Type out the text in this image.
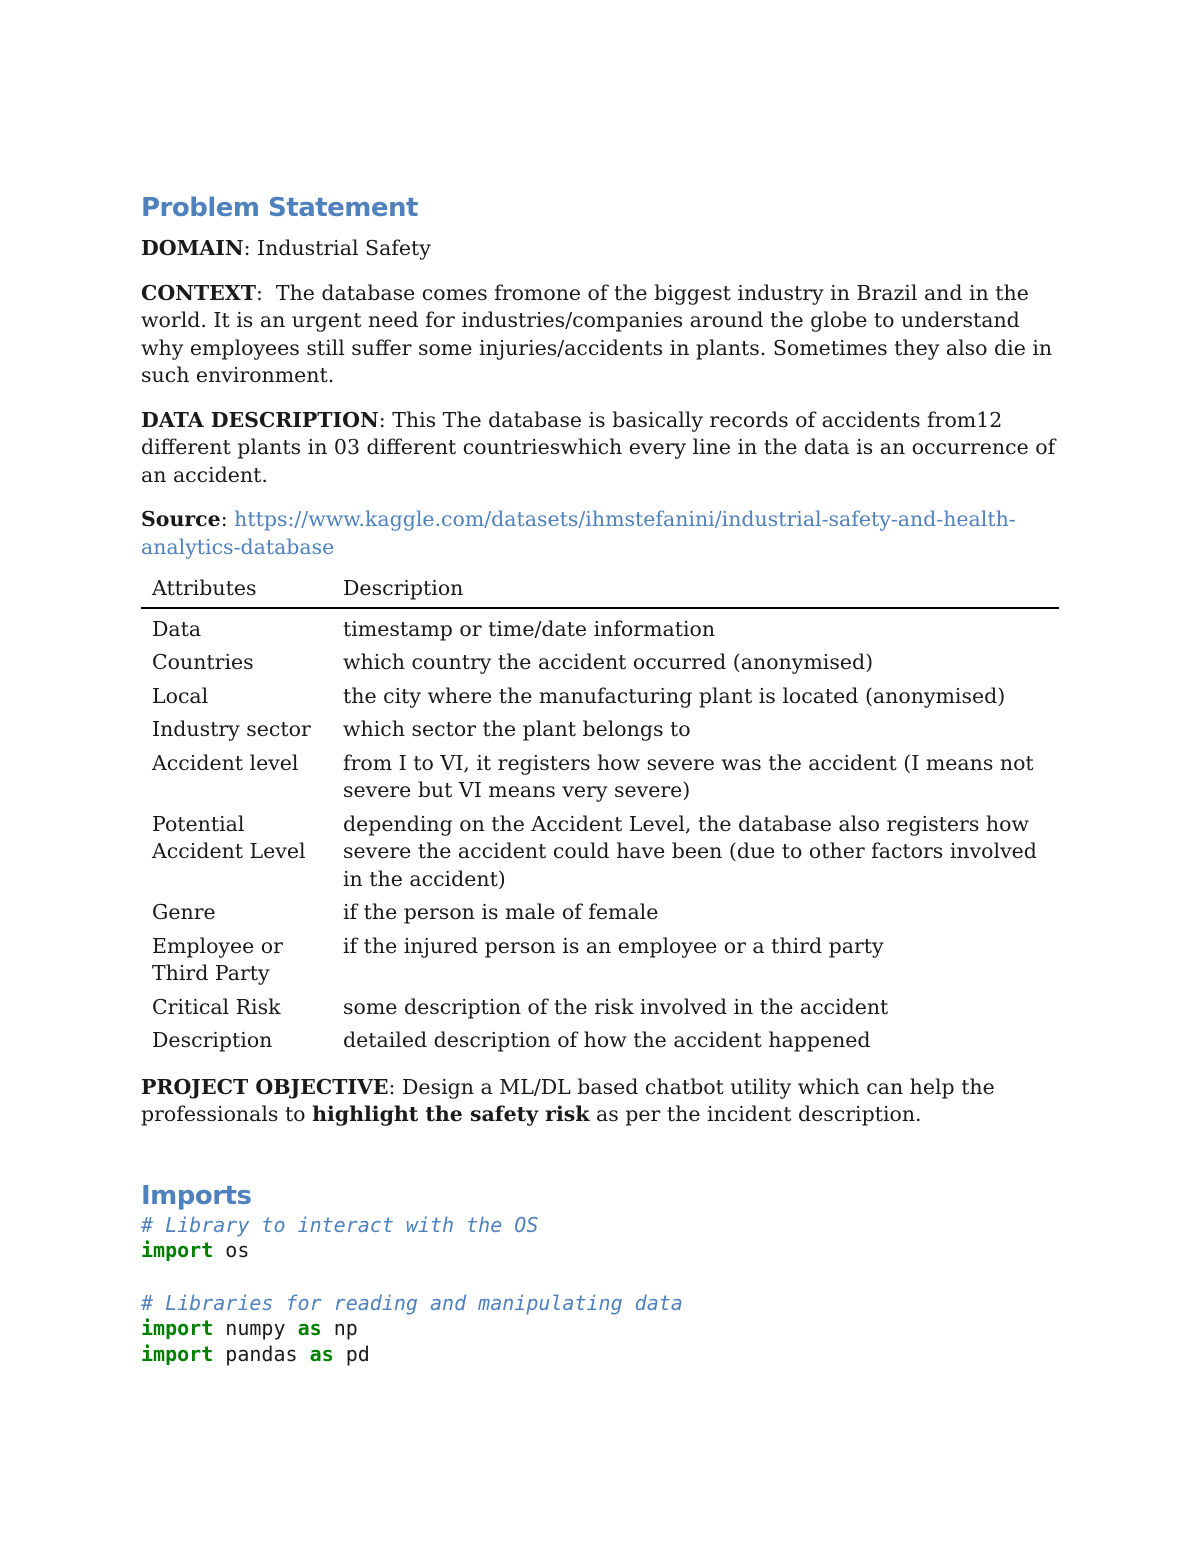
Problem Statement

DOMAIN: Industrial Safety

CONTEXT:  The database comes fromone of the biggest industry in Brazil and in the world. It is an urgent need for industries/companies around the globe to understand why employees still suffer some injuries/accidents in plants. Sometimes they also die in such environment.

DATA DESCRIPTION: This The database is basically records of accidents from12 different plants in 03 different countrieswhich every line in the data is an occurrence of an accident.

Source: https://www.kaggle.com/datasets/ihmstefanini/industrial-safety-and-health-analytics-database

Attributes	Description
Data	timestamp or time/date information
Countries	which country the accident occurred (anonymised)
Local	the city where the manufacturing plant is located (anonymised)
Industry sector	which sector the plant belongs to
Accident level	from I to VI, it registers how severe was the accident (I means not severe but VI means very severe)
Potential Accident Level	depending on the Accident Level, the database also registers how severe the accident could have been (due to other factors involved in the accident)
Genre	if the person is male of female
Employee or Third Party	if the injured person is an employee or a third party
Critical Risk	some description of the risk involved in the accident
Description	detailed description of how the accident happened

PROJECT OBJECTIVE: Design a ML/DL based chatbot utility which can help the professionals to highlight the safety risk as per the incident description.

Imports

# Library to interact with the OS

import os

# Libraries for reading and manipulating data

import numpy as np

import pandas as pd
